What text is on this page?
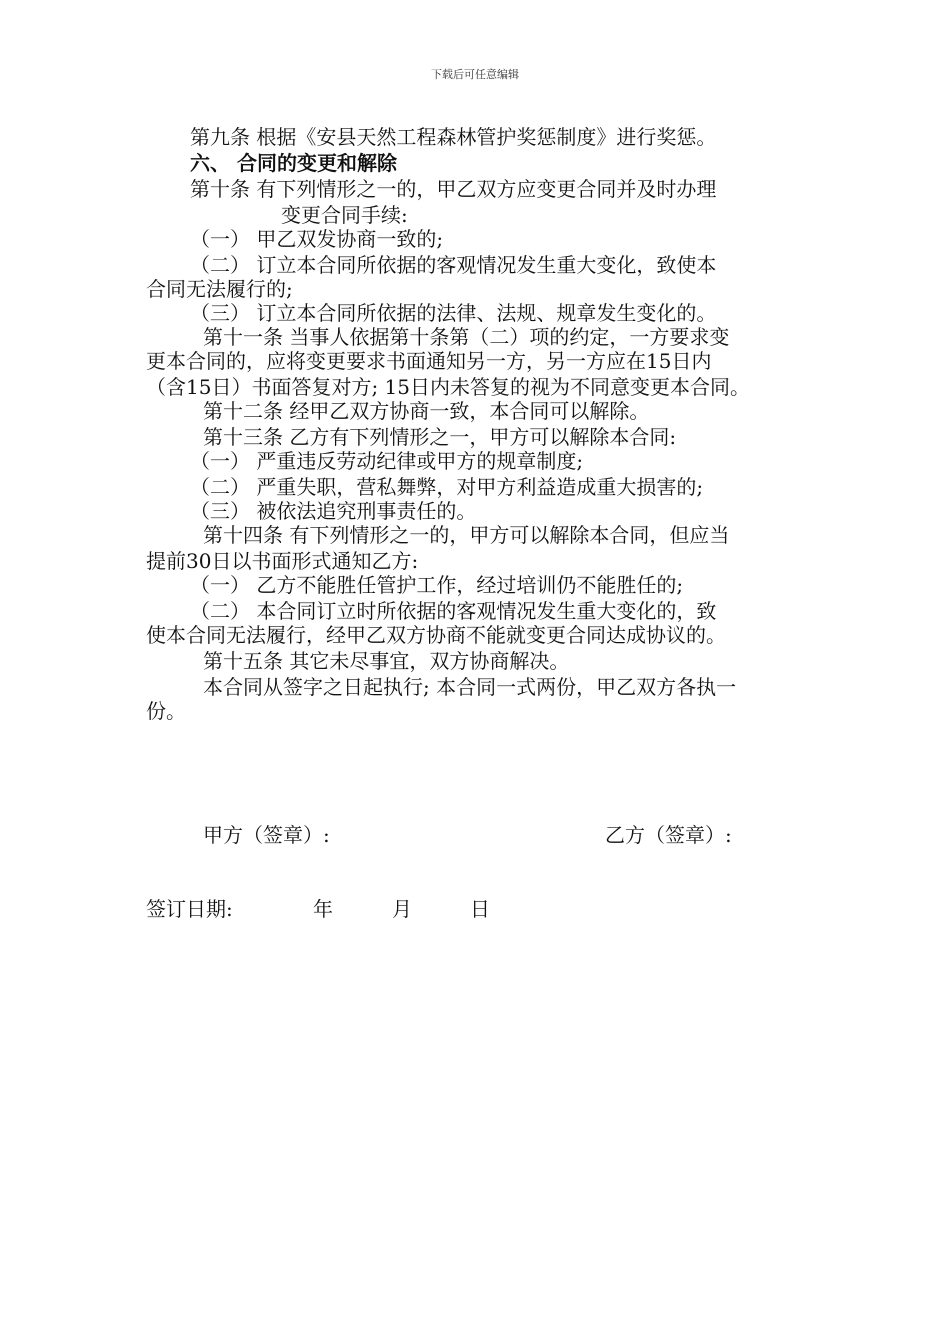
下载后可任意编辑
第九条 根据《安县天然工程森林管护奖惩制度》进行奖惩。
六、 合同的变更和解除
第十条 有下列情形之一的，甲乙双方应变更合同并及时办理
变更合同手续:
（一） 甲乙双发协商一致的;
（二） 订立本合同所依据的客观情况发生重大变化，致使本
合同无法履行的;
（三） 订立本合同所依据的法律、法规、规章发生变化的。
第十一条 当事人依据第十条第（二）项的约定，一方要求变
更本合同的，应将变更要求书面通知另一方，另一方应在15日内
（含15日）书面答复对方; 15日内未答复的视为不同意变更本合同。
第十二条 经甲乙双方协商一致，本合同可以解除。
第十三条 乙方有下列情形之一，甲方可以解除本合同:
（一） 严重违反劳动纪律或甲方的规章制度;
（二） 严重失职，营私舞弊，对甲方利益造成重大损害的;
（三） 被依法追究刑事责任的。
第十四条 有下列情形之一的，甲方可以解除本合同，但应当
提前30日以书面形式通知乙方:
（一） 乙方不能胜任管护工作，经过培训仍不能胜任的;
（二） 本合同订立时所依据的客观情况发生重大变化的，致
使本合同无法履行，经甲乙双方协商不能就变更合同达成协议的。
第十五条 其它未尽事宜，双方协商解决。
本合同从签字之日起执行; 本合同一式两份，甲乙双方各执一
份。
甲方（签章）:	乙方（签章）:
签订日期:	年	月	日
